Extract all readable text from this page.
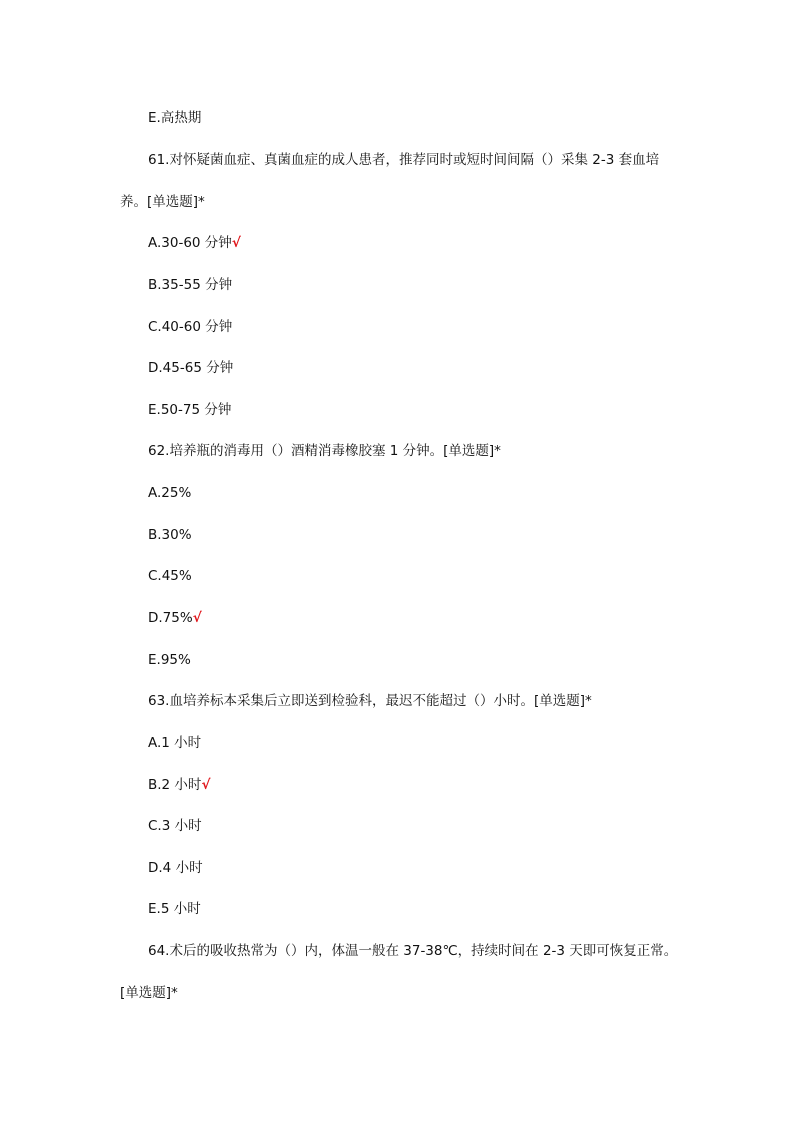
E.高热期
61.对怀疑菌血症、真菌血症的成人患者，推荐同时或短时间间隔（）采集 2-3 套血培
养。[单选题]*
A.30-60 分钟√
B.35-55 分钟
C.40-60 分钟
D.45-65 分钟
E.50-75 分钟
62.培养瓶的消毒用（）酒精消毒橡胶塞 1 分钟。[单选题]*
A.25%
B.30%
C.45%
D.75%√
E.95%
63.血培养标本采集后立即送到检验科，最迟不能超过（）小时。[单选题]*
A.1 小时
B.2 小时√
C.3 小时
D.4 小时
E.5 小时
64.术后的吸收热常为（）内，体温一般在 37-38℃，持续时间在 2-3 天即可恢复正常。
[单选题]*
